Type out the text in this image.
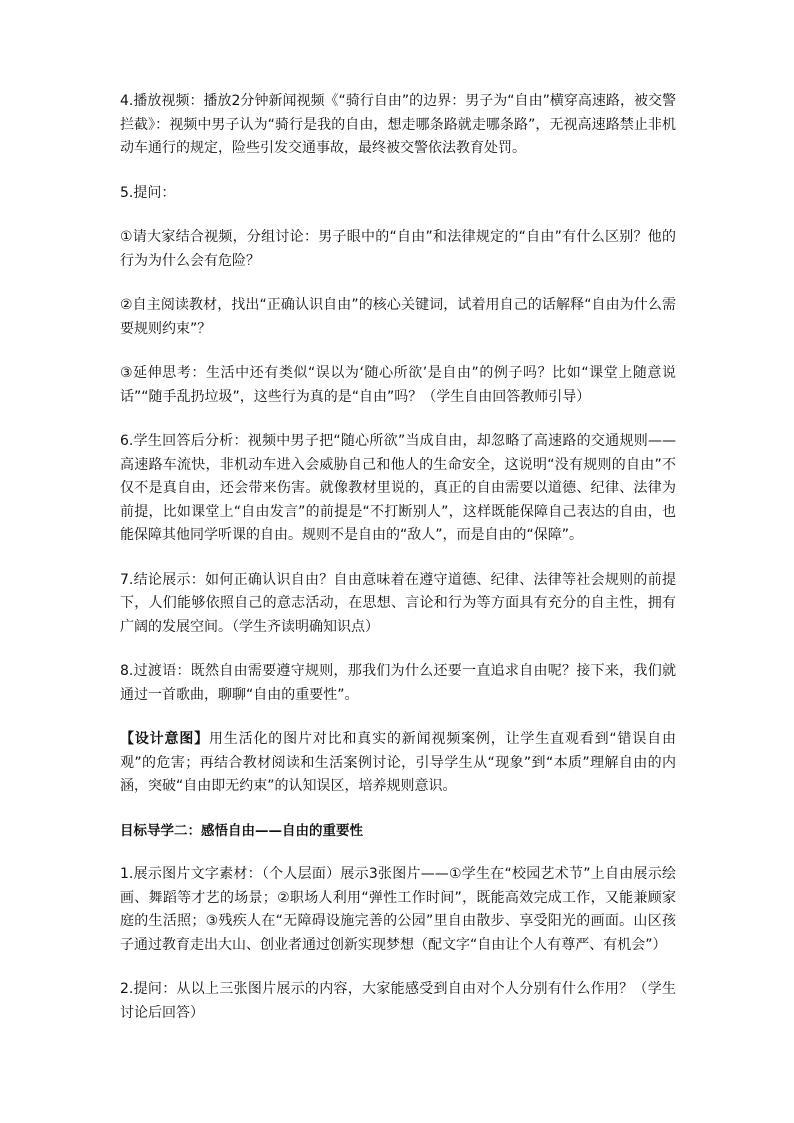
4.播放视频：播放2分钟新闻视频《“骑行自由”的边界：男子为“自由”横穿高速路，被交警拦截》：视频中男子认为“骑行是我的自由，想走哪条路就走哪条路”，无视高速路禁止非机动车通行的规定，险些引发交通事故，最终被交警依法教育处罚。

5.提问：

①请大家结合视频，分组讨论：男子眼中的“自由”和法律规定的“自由”有什么区别？他的行为为什么会有危险？

②自主阅读教材，找出“正确认识自由”的核心关键词，试着用自己的话解释“自由为什么需要规则约束”？

③延伸思考：生活中还有类似“误以为‘随心所欲’是自由”的例子吗？比如“课堂上随意说话”“随手乱扔垃圾”，这些行为真的是“自由”吗？（学生自由回答教师引导）

6.学生回答后分析：视频中男子把“随心所欲”当成自由，却忽略了高速路的交通规则——高速路车流快，非机动车进入会威胁自己和他人的生命安全，这说明“没有规则的自由”不仅不是真自由，还会带来伤害。就像教材里说的，真正的自由需要以道德、纪律、法律为前提，比如课堂上“自由发言”的前提是“不打断别人”，这样既能保障自己表达的自由，也能保障其他同学听课的自由。规则不是自由的“敌人”，而是自由的“保障”。

7.结论展示：如何正确认识自由？自由意味着在遵守道德、纪律、法律等社会规则的前提下，人们能够依照自己的意志活动，在思想、言论和行为等方面具有充分的自主性，拥有广阔的发展空间。（学生齐读明确知识点）

8.过渡语：既然自由需要遵守规则，那我们为什么还要一直追求自由呢？接下来，我们就通过一首歌曲，聊聊“自由的重要性”。

【设计意图】用生活化的图片对比和真实的新闻视频案例，让学生直观看到“错误自由观”的危害；再结合教材阅读和生活案例讨论，引导学生从“现象”到“本质”理解自由的内涵，突破“自由即无约束”的认知误区，培养规则意识。

目标导学二：感悟自由——自由的重要性

1.展示图片文字素材：（个人层面）展示3张图片——①学生在“校园艺术节”上自由展示绘画、舞蹈等才艺的场景；②职场人利用“弹性工作时间”，既能高效完成工作，又能兼顾家庭的生活照；③残疾人在“无障碍设施完善的公园”里自由散步、享受阳光的画面。山区孩子通过教育走出大山、创业者通过创新实现梦想（配文字“自由让个人有尊严、有机会”）

2.提问：从以上三张图片展示的内容，大家能感受到自由对个人分别有什么作用？（学生讨论后回答）
